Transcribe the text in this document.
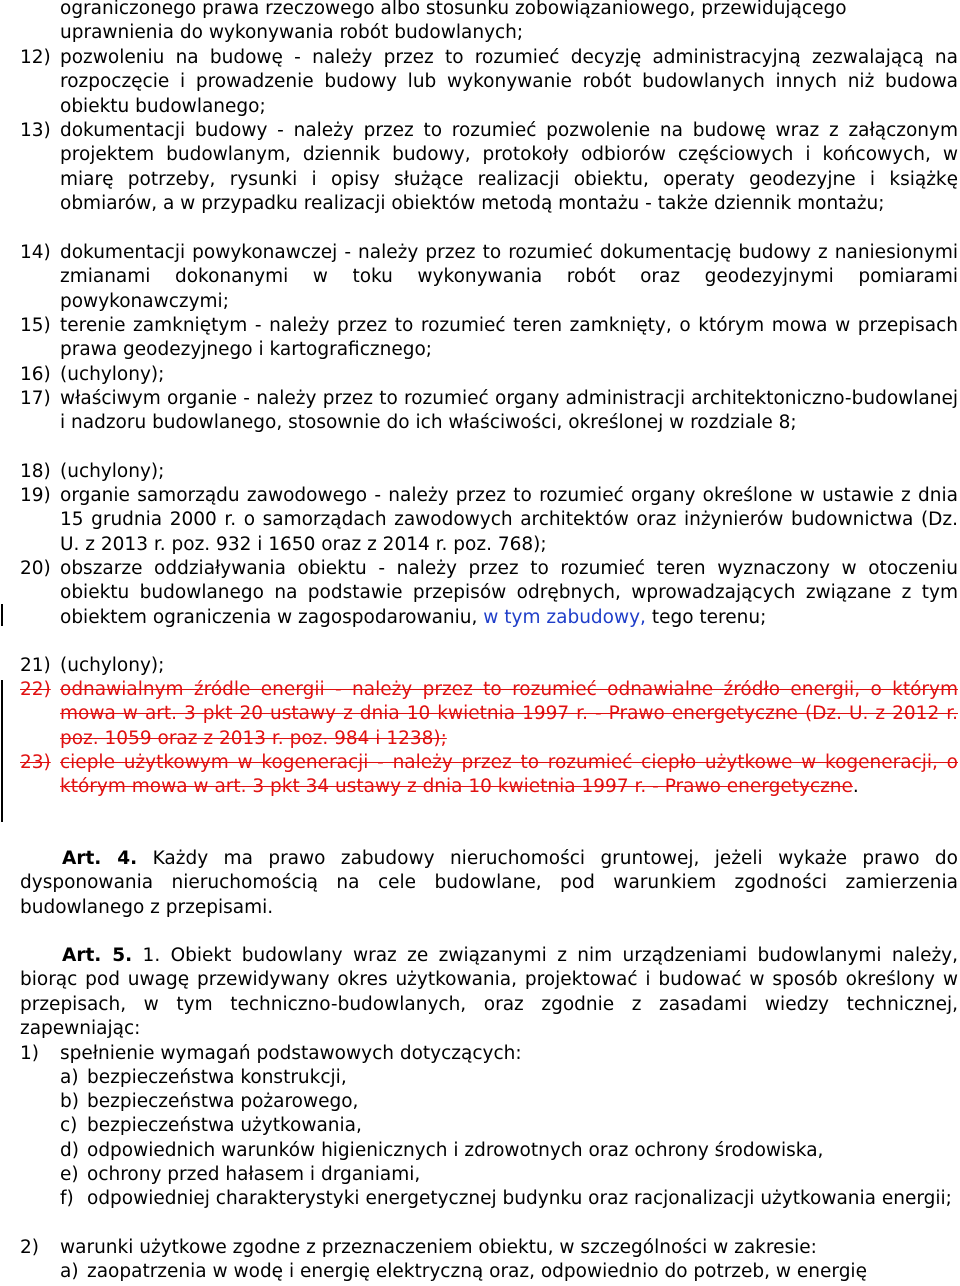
ograniczonego prawa rzeczowego albo stosunku zobowiązaniowego, przewidującego
uprawnienia do wykonywania robót budowlanych;
12) pozwoleniu na budowę - należy przez to rozumieć decyzję administracyjną zezwalającą na rozpoczęcie i prowadzenie budowy lub wykonywanie robót budowlanych innych niż budowa obiektu budowlanego;
13) dokumentacji budowy - należy przez to rozumieć pozwolenie na budowę wraz z załączonym projektem budowlanym, dziennik budowy, protokoły odbiorów częściowych i końcowych, w miarę potrzeby, rysunki i opisy służące realizacji obiektu, operaty geodezyjne i książkę obmiarów, a w przypadku realizacji obiektów metodą montażu - także dziennik montażu;
14) dokumentacji powykonawczej - należy przez to rozumieć dokumentację budowy z naniesionymi zmianami dokonanymi w toku wykonywania robót oraz geodezyjnymi pomiarami powykonawczymi;
15) terenie zamkniętym - należy przez to rozumieć teren zamknięty, o którym mowa w przepisach prawa geodezyjnego i kartograficznego;
16) (uchylony);
17) właściwym organie - należy przez to rozumieć organy administracji architektoniczno-budowlanej i nadzoru budowlanego, stosownie do ich właściwości, określonej w rozdziale 8;
18) (uchylony);
19) organie samorządu zawodowego - należy przez to rozumieć organy określone w ustawie z dnia 15 grudnia 2000 r. o samorządach zawodowych architektów oraz inżynierów budownictwa (Dz. U. z 2013 r. poz. 932 i 1650 oraz z 2014 r. poz. 768);
20) obszarze oddziaływania obiektu - należy przez to rozumieć teren wyznaczony w otoczeniu obiektu budowlanego na podstawie przepisów odrębnych, wprowadzających związane z tym obiektem ograniczenia w zagospodarowaniu, w tym zabudowy, tego terenu;
21) (uchylony);
22) odnawialnym źródle energii - należy przez to rozumieć odnawialne źródło energii, o którym mowa w art. 3 pkt 20 ustawy z dnia 10 kwietnia 1997 r. - Prawo energetyczne (Dz. U. z 2012 r. poz. 1059 oraz z 2013 r. poz. 984 i 1238);
23) cieple użytkowym w kogeneracji - należy przez to rozumieć ciepło użytkowe w kogeneracji, o którym mowa w art. 3 pkt 34 ustawy z dnia 10 kwietnia 1997 r. - Prawo energetyczne.
Art. 4. Każdy ma prawo zabudowy nieruchomości gruntowej, jeżeli wykaże prawo do dysponowania nieruchomością na cele budowlane, pod warunkiem zgodności zamierzenia budowlanego z przepisami.
Art. 5. 1. Obiekt budowlany wraz ze związanymi z nim urządzeniami budowlanymi należy, biorąc pod uwagę przewidywany okres użytkowania, projektować i budować w sposób określony w przepisach, w tym techniczno-budowlanych, oraz zgodnie z zasadami wiedzy technicznej, zapewniając:
1) spełnienie wymagań podstawowych dotyczących:
a) bezpieczeństwa konstrukcji,
b) bezpieczeństwa pożarowego,
c) bezpieczeństwa użytkowania,
d) odpowiednich warunków higienicznych i zdrowotnych oraz ochrony środowiska,
e) ochrony przed hałasem i drganiami,
f) odpowiedniej charakterystyki energetycznej budynku oraz racjonalizacji użytkowania energii;
2) warunki użytkowe zgodne z przeznaczeniem obiektu, w szczególności w zakresie:
a) zaopatrzenia w wodę i energię elektryczną oraz, odpowiednio do potrzeb, w energię
